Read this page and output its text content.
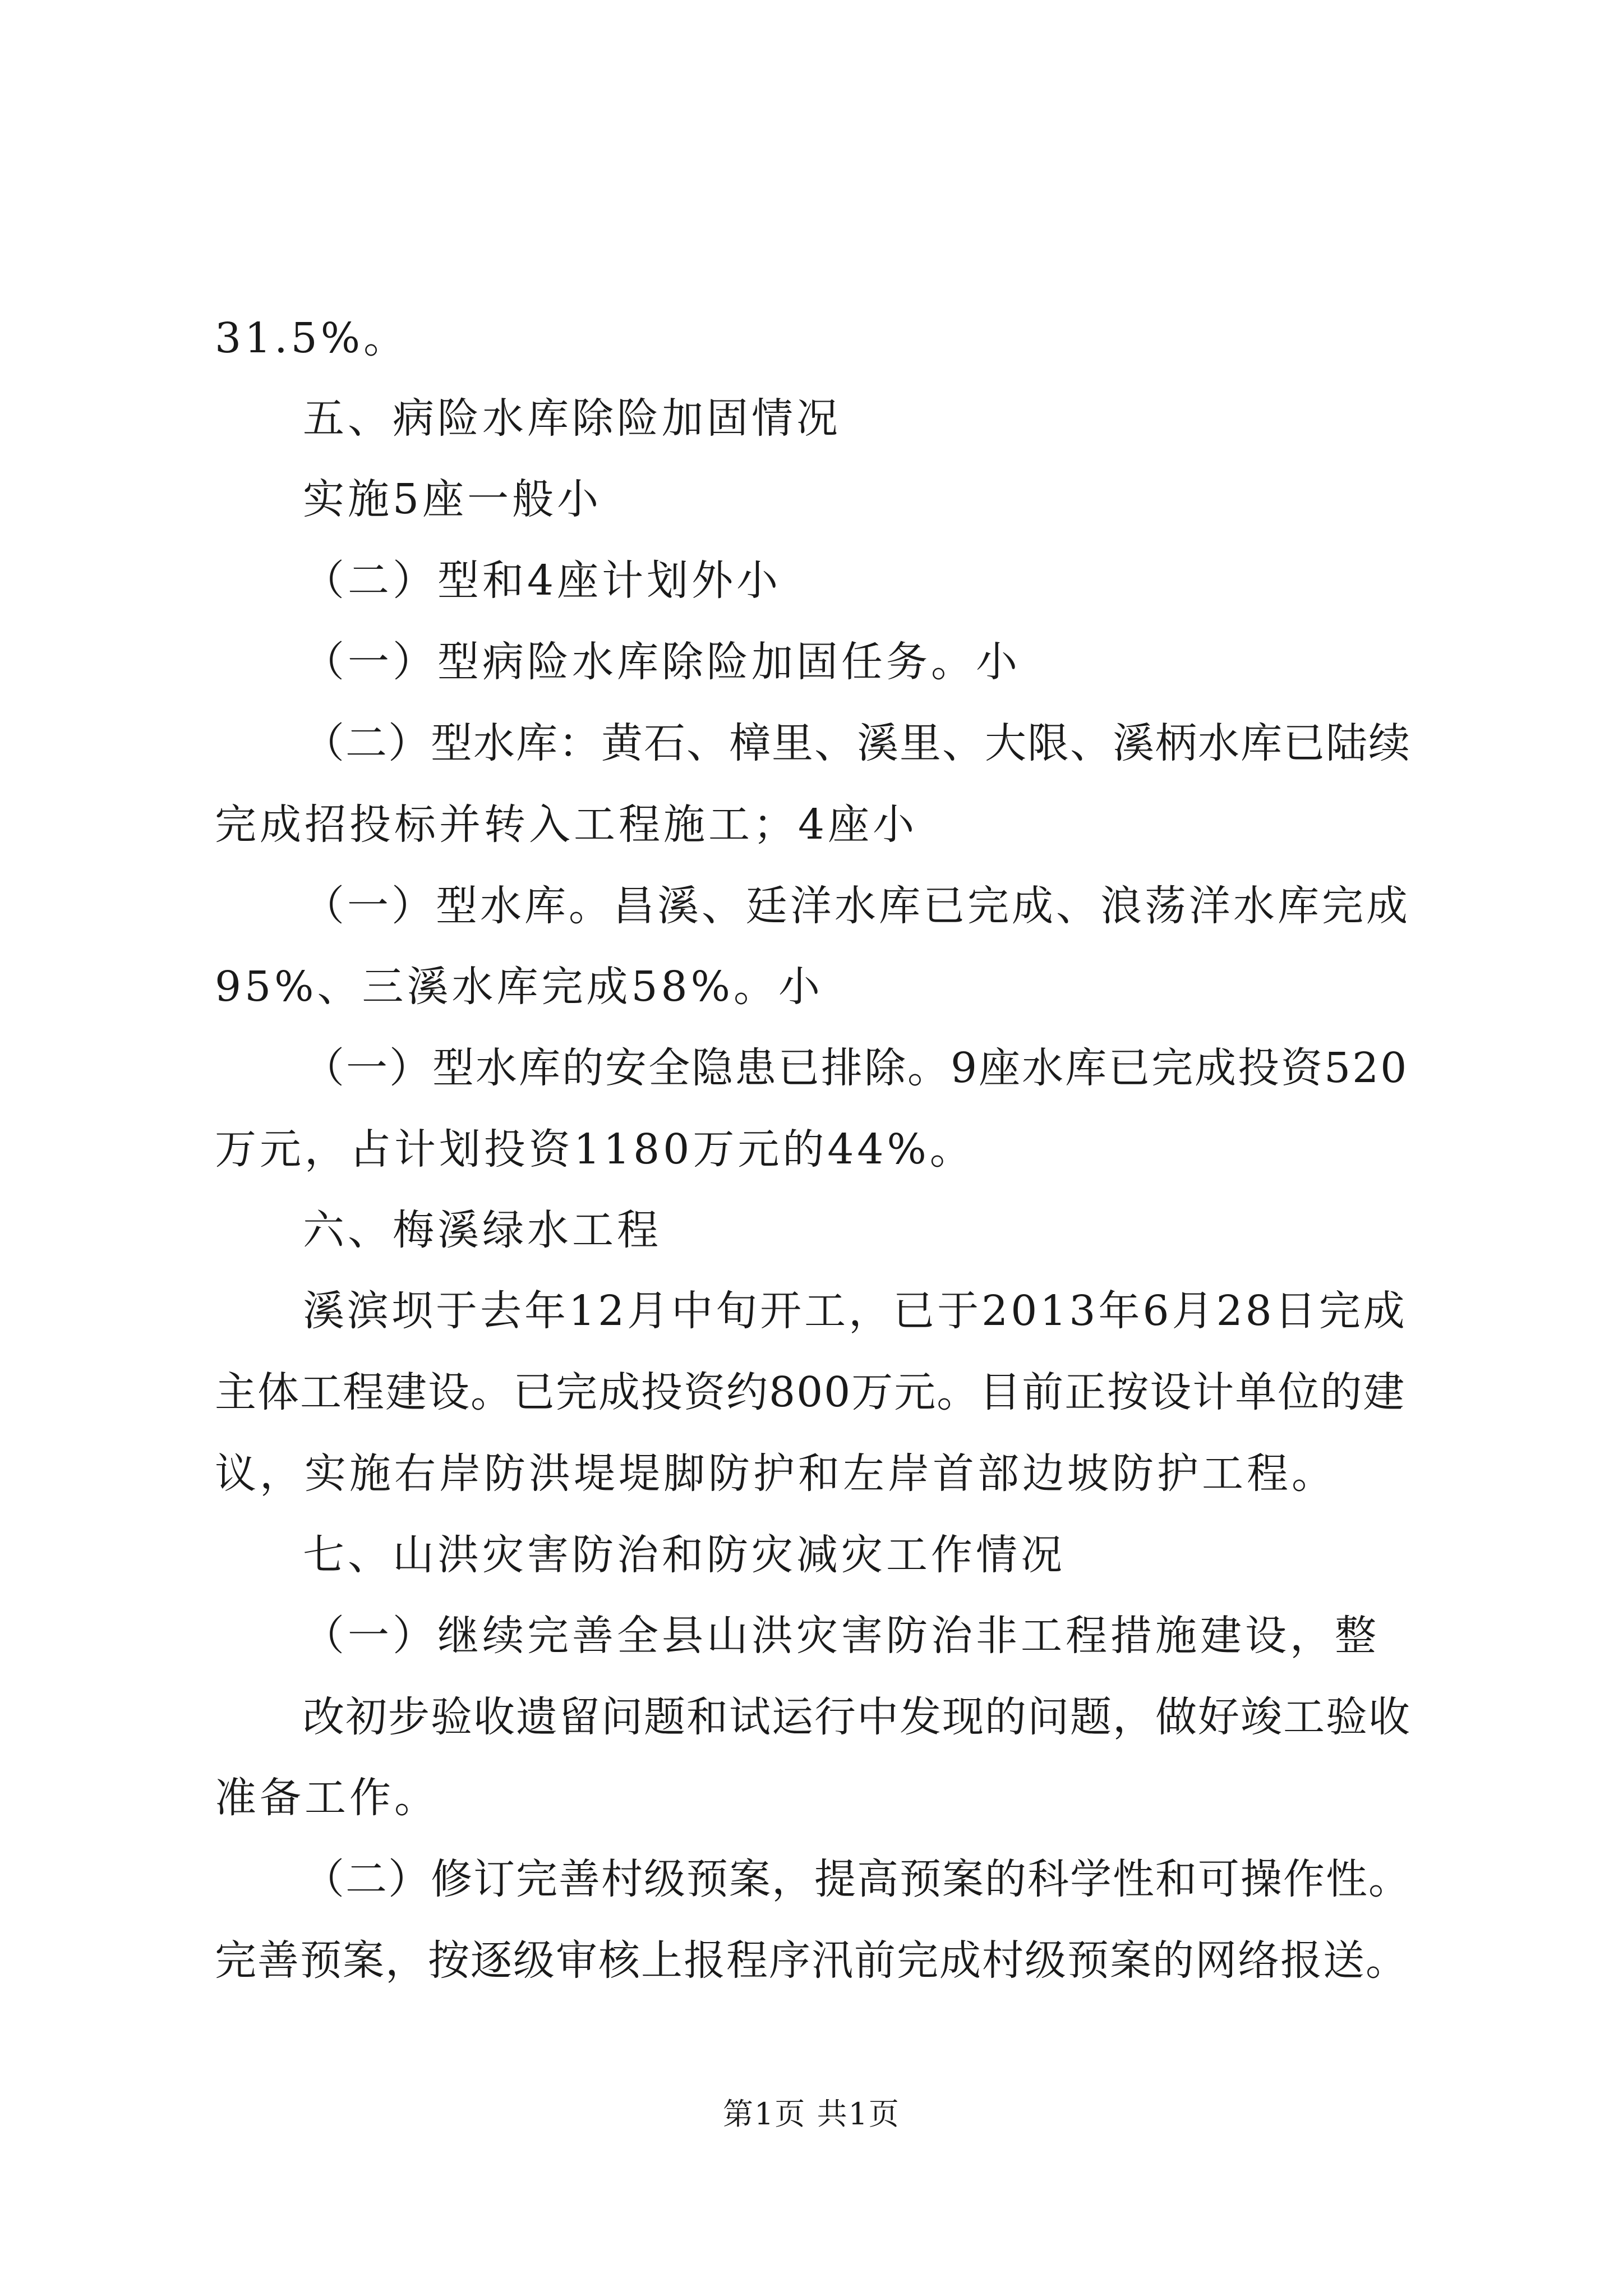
31.5%。
五、病险水库除险加固情况
实施5座一般小
（二）型和4座计划外小
（一）型病险水库除险加固任务。小
（二）型水库：黄石、樟里、溪里、大限、溪柄水库已陆续
完成招投标并转入工程施工；4座小
（一）型水库。昌溪、廷洋水库已完成、浪荡洋水库完成
95%、三溪水库完成58%。小
（一）型水库的安全隐患已排除。9座水库已完成投资520
万元，占计划投资1180万元的44%。
六、梅溪绿水工程
溪滨坝于去年12月中旬开工，已于2013年6月28日完成
主体工程建设。已完成投资约800万元。目前正按设计单位的建
议，实施右岸防洪堤堤脚防护和左岸首部边坡防护工程。
七、山洪灾害防治和防灾减灾工作情况
（一）继续完善全县山洪灾害防治非工程措施建设，整
改初步验收遗留问题和试运行中发现的问题，做好竣工验收
准备工作。
（二）修订完善村级预案，提高预案的科学性和可操作性。
完善预案，按逐级审核上报程序汛前完成村级预案的网络报送。
第1页 共1页
